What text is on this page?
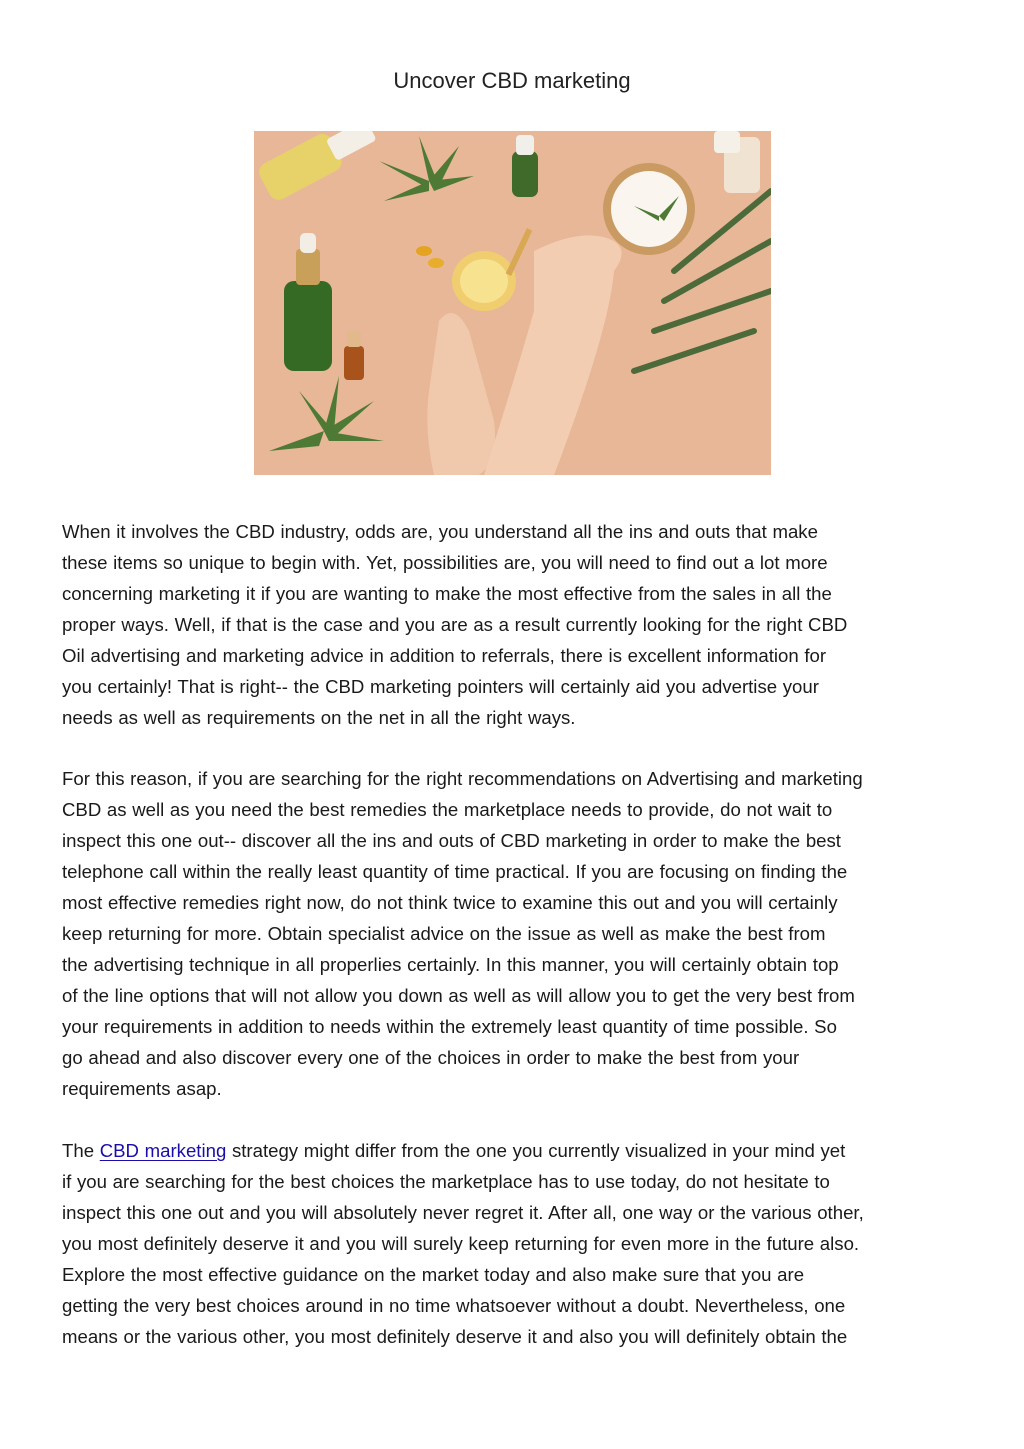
Uncover CBD marketing
When it involves the CBD industry, odds are, you understand all the ins and outs that make
these items so unique to begin with. Yet, possibilities are, you will need to find out a lot more
concerning marketing it if you are wanting to make the most effective from the sales in all the
proper ways. Well, if that is the case and you are as a result currently looking for the right CBD
Oil advertising and marketing advice in addition to referrals, there is excellent information for
you certainly! That is right-- the CBD marketing pointers will certainly aid you advertise your
needs as well as requirements on the net in all the right ways.
For this reason, if you are searching for the right recommendations on Advertising and marketing
CBD as well as you need the best remedies the marketplace needs to provide, do not wait to
inspect this one out-- discover all the ins and outs of CBD marketing in order to make the best
telephone call within the really least quantity of time practical. If you are focusing on finding the
most effective remedies right now, do not think twice to examine this out and you will certainly
keep returning for more. Obtain specialist advice on the issue as well as make the best from
the advertising technique in all properlies certainly. In this manner, you will certainly obtain top
of the line options that will not allow you down as well as will allow you to get the very best from
your requirements in addition to needs within the extremely least quantity of time possible. So
go ahead and also discover every one of the choices in order to make the best from your
requirements asap.
The CBD marketing strategy might differ from the one you currently visualized in your mind yet
if you are searching for the best choices the marketplace has to use today, do not hesitate to
inspect this one out and you will absolutely never regret it. After all, one way or the various other,
you most definitely deserve it and you will surely keep returning for even more in the future also.
Explore the most effective guidance on the market today and also make sure that you are
getting the very best choices around in no time whatsoever without a doubt. Nevertheless, one
means or the various other, you most definitely deserve it and also you will definitely obtain the
